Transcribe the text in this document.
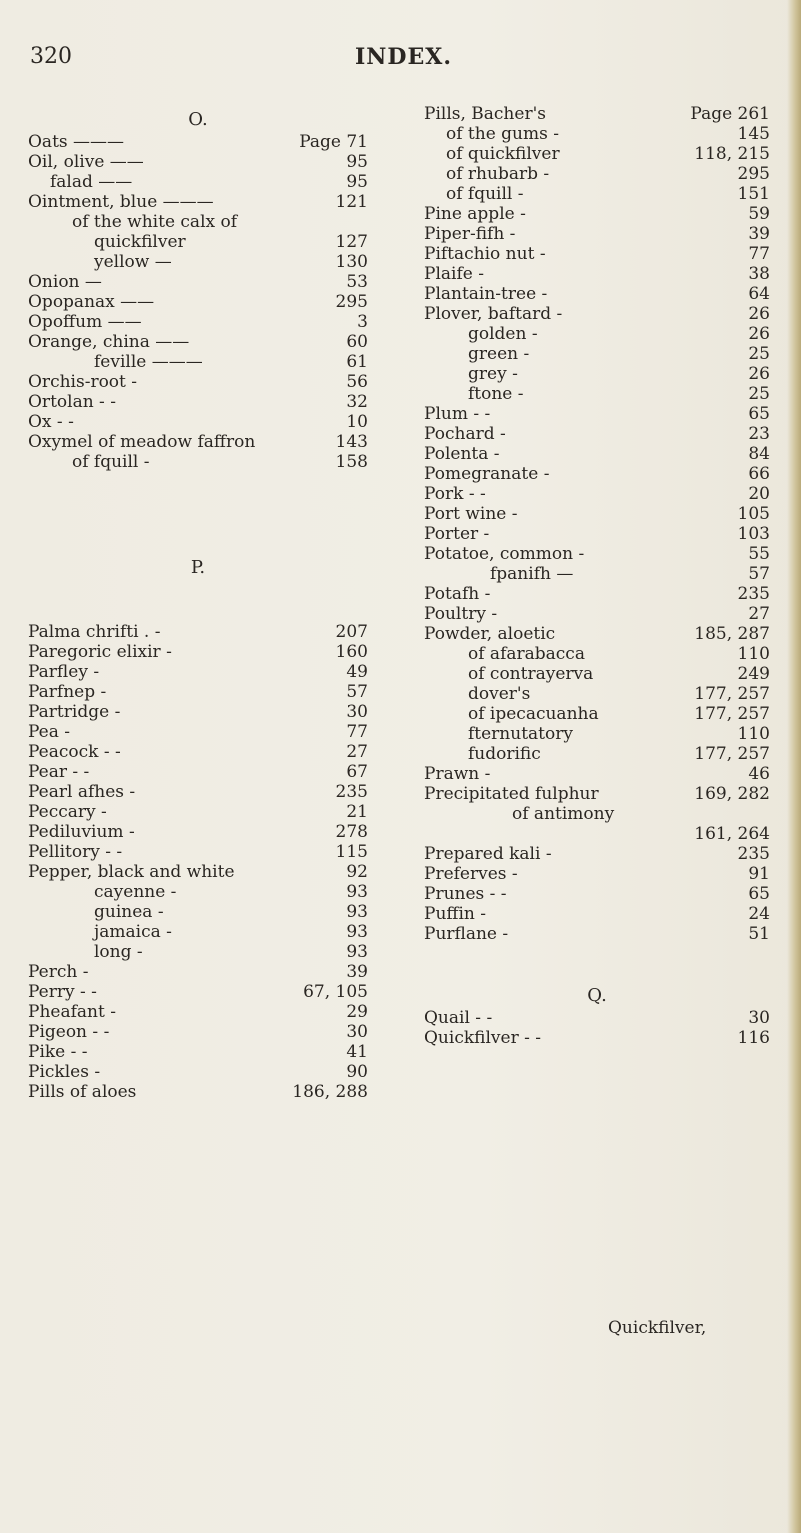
320	INDEX.
O.
Oats ———	Page 71
Oil, olive ——	95
falad ——	95
Ointment, blue ———	121
of the white calx of
quickfilver	127
yellow —	130
Onion —	53
Opopanax ——	295
Opoffum ——	3
Orange, china ——	60
feville ———	61
Orchis-root -	56
Ortolan - -	32
Ox - -	10
Oxymel of meadow faffron	143
of fquill -	158
P.
Palma chrifti . -	207
Paregoric elixir -	160
Parfley -	49
Parfnep -	57
Partridge -	30
Pea -	77
Peacock - -	27
Pear - -	67
Pearl afhes -	235
Peccary -	21
Pediluvium -	278
Pellitory - -	115
Pepper, black and white	92
cayenne -	93
guinea -	93
jamaica -	93
long -	93
Perch -	39
Perry - -	67, 105
Pheafant -	29
Pigeon - -	30
Pike - -	41
Pickles -	90
Pills of aloes	186, 288
Pills, Bacher's	Page 261
of the gums -	145
of quickfilver	118, 215
of rhubarb -	295
of fquill -	151
Pine apple -	59
Piper-fifh -	39
Piftachio nut -	77
Plaife -	38
Plantain-tree -	64
Plover, baftard -	26
golden -	26
green -	25
grey -	26
ftone -	25
Plum - -	65
Pochard -	23
Polenta -	84
Pomegranate -	66
Pork - -	20
Port wine -	105
Porter -	103
Potatoe, common -	55
fpanifh —	57
Potafh -	235
Poultry -	27
Powder, aloetic	185, 287
of afarabacca	110
of contrayerva	249
dover's	177, 257
of ipecacuanha	177, 257
fternutatory	110
fudorific	177, 257
Prawn -	46
Precipitated fulphur	169, 282
of antimony
161, 264
Prepared kali -	235
Preferves -	91
Prunes - -	65
Puffin -	24
Purflane -	51
Q.
Quail - -	30
Quickfilver - -	116
Quickfilver,
